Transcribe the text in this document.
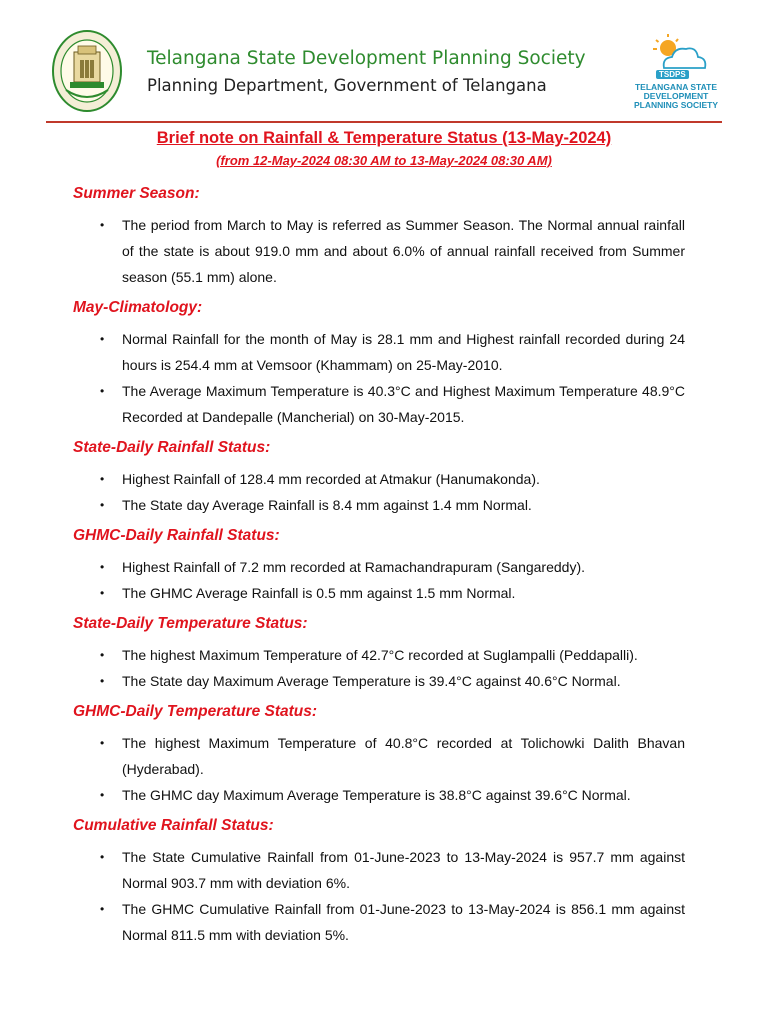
Telangana State Development Planning Society
Planning Department, Government of Telangana
TSDPS
TELANGANA STATE
DEVELOPMENT
PLANNING SOCIETY
Brief note on Rainfall & Temperature Status (13-May-2024)
(from 12-May-2024 08:30 AM to 13-May-2024 08:30 AM)
Summer Season:
• The period from March to May is referred as Summer Season. The Normal annual rainfall of the state is about 919.0 mm and about 6.0% of annual rainfall received from Summer season (55.1 mm) alone.
May-Climatology:
• Normal Rainfall for the month of May is 28.1 mm and Highest rainfall recorded during 24 hours is 254.4 mm at Vemsoor (Khammam) on 25-May-2010.
• The Average Maximum Temperature is 40.3°C and Highest Maximum Temperature 48.9°C Recorded at Dandepalle (Mancherial) on 30-May-2015.
State-Daily Rainfall Status:
• Highest Rainfall of 128.4 mm recorded at Atmakur (Hanumakonda).
• The State day Average Rainfall is 8.4 mm against 1.4 mm Normal.
GHMC-Daily Rainfall Status:
• Highest Rainfall of 7.2 mm recorded at Ramachandrapuram (Sangareddy).
• The GHMC Average Rainfall is 0.5 mm against 1.5 mm Normal.
State-Daily Temperature Status:
• The highest Maximum Temperature of 42.7°C recorded at Suglampalli (Peddapalli).
• The State day Maximum Average Temperature is 39.4°C against 40.6°C Normal.
GHMC-Daily Temperature Status:
• The highest Maximum Temperature of 40.8°C recorded at Tolichowki Dalith Bhavan (Hyderabad).
• The GHMC day Maximum Average Temperature is 38.8°C against 39.6°C Normal.
Cumulative Rainfall Status:
• The State Cumulative Rainfall from 01-June-2023 to 13-May-2024 is 957.7 mm against Normal 903.7 mm with deviation 6%.
• The GHMC Cumulative Rainfall from 01-June-2023 to 13-May-2024 is 856.1 mm against Normal 811.5 mm with deviation 5%.
